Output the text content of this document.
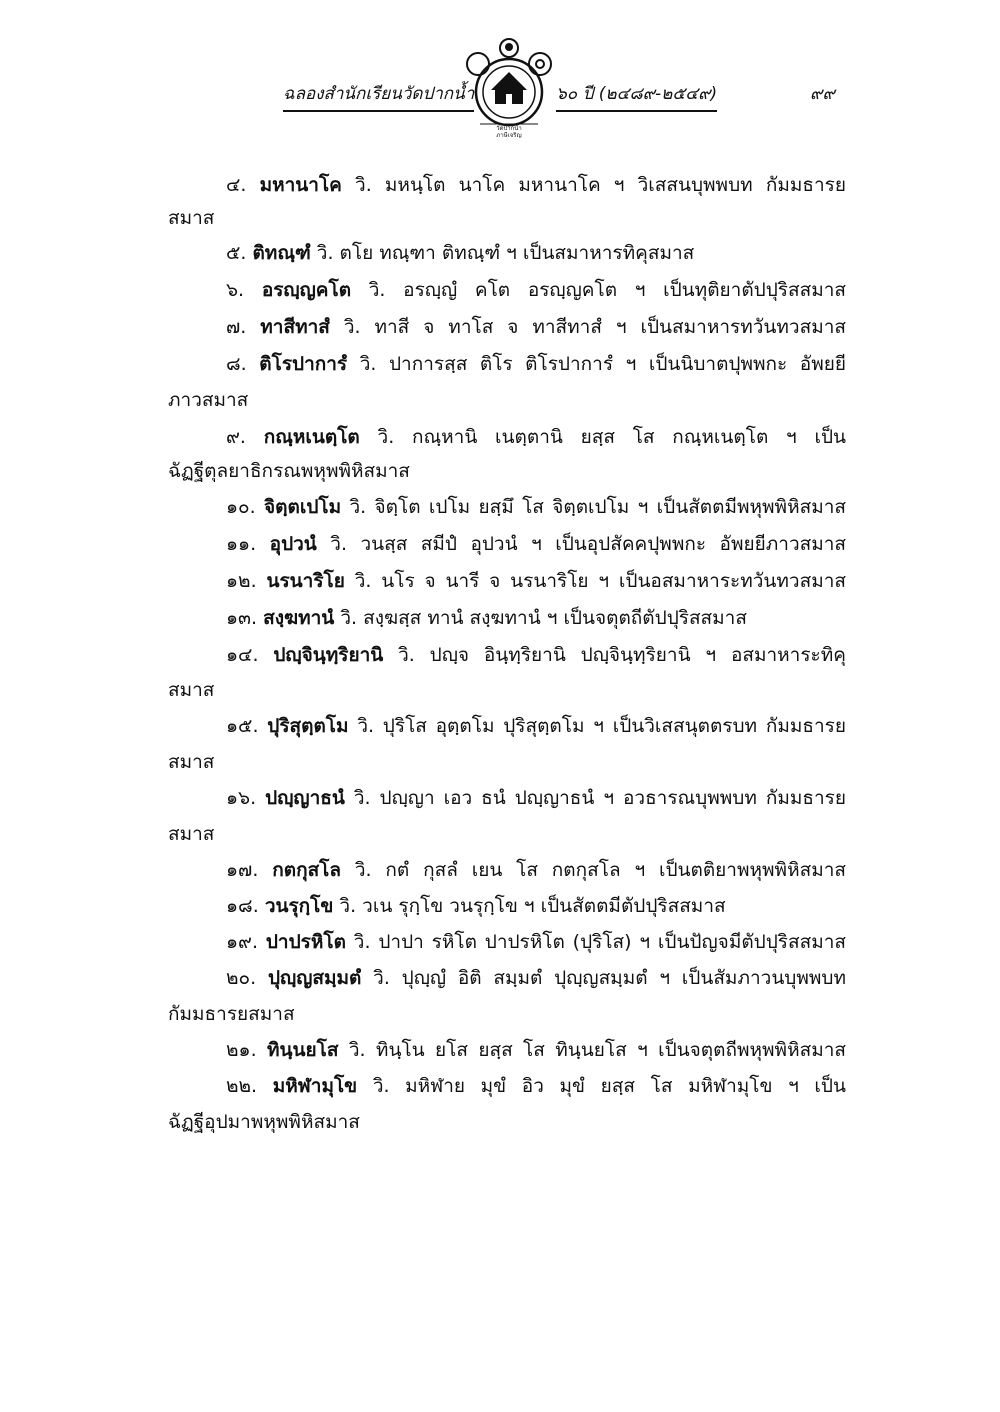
ฉลองสำนักเรียนวัดปากน้ำ
วัดปากน้ำ
ภาษีเจริญ
๖๐ ปี (๒๔๘๙-๒๕๔๙)	๙๙
๔. มหานาโค วิ. มหนฺโต นาโค มหานาโค ฯ วิเสสนบุพพบท กัมมธารย
สมาส
๕. ติทณฺฑํ วิ. ตโย ทณฺฑา ติทณฺฑํ ฯ เป็นสมาหารทิคุสมาส
๖. อรญฺญคโต วิ. อรญฺญํ คโต อรญฺญคโต ฯ เป็นทุติยาตัปปุริสสมาส
๗. ทาสีทาสํ วิ. ทาสี จ ทาโส จ ทาสีทาสํ ฯ เป็นสมาหารทวันทวสมาส
๘. ติโรปาการํ วิ. ปาการสฺส ติโร ติโรปาการํ ฯ เป็นนิบาตปุพพกะ อัพยยี
ภาวสมาส
๙. กณฺหเนตฺโต วิ. กณฺหานิ เนตฺตานิ ยสฺส โส กณฺหเนตฺโต ฯ เป็น
ฉัฏฐีตุลยาธิกรณพหุพพิหิสมาส
๑๐. จิตฺตเปโม วิ. จิตฺโต เปโม ยสฺมึ โส จิตฺตเปโม ฯ เป็นสัตตมีพหุพพิหิสมาส
๑๑. อุปวนํ วิ. วนสฺส สมีปํ อุปวนํ ฯ เป็นอุปสัคคปุพพกะ อัพยยีภาวสมาส
๑๒. นรนาริโย วิ. นโร จ นารี จ นรนาริโย ฯ เป็นอสมาหาระทวันทวสมาส
๑๓. สงฺฆทานํ วิ. สงฺฆสฺส ทานํ สงฺฆทานํ ฯ เป็นจตุตถีตัปปุริสสมาส
๑๔. ปญฺจินฺทฺริยานิ วิ. ปญฺจ อินฺทฺริยานิ ปญฺจินฺทฺริยานิ ฯ อสมาหาระทิคุ
สมาส
๑๕. ปุริสุตฺตโม วิ. ปุริโส อุตฺตโม ปุริสุตฺตโม ฯ เป็นวิเสสนุตตรบท กัมมธารย
สมาส
๑๖. ปญฺญาธนํ วิ. ปญฺญา เอว ธนํ ปญฺญาธนํ ฯ อวธารณบุพพบท กัมมธารย
สมาส
๑๗. กตกุสโล วิ. กตํ กุสลํ เยน โส กตกุสโล ฯ เป็นตติยาพหุพพิหิสมาส
๑๘. วนรุกฺโข วิ. วเน รุกฺโข วนรุกฺโข ฯ เป็นสัตตมีตัปปุริสสมาส
๑๙. ปาปรหิโต วิ. ปาปา รหิโต ปาปรหิโต (ปุริโส) ฯ เป็นปัญจมีตัปปุริสสมาส
๒๐. ปุญฺญสมฺมตํ วิ. ปุญฺญํ อิติ สมฺมตํ ปุญฺญสมฺมตํ ฯ เป็นสัมภาวนบุพพบท
กัมมธารยสมาส
๒๑. ทินฺนยโส วิ. ทินฺโน ยโส ยสฺส โส ทินฺนยโส ฯ เป็นจตุตถีพหุพพิหิสมาส
๒๒. มหิฬามุโข วิ. มหิฬาย มุขํ อิว มุขํ ยสฺส โส มหิฬามุโข ฯ เป็น
ฉัฏฐีอุปมาพหุพพิหิสมาส
